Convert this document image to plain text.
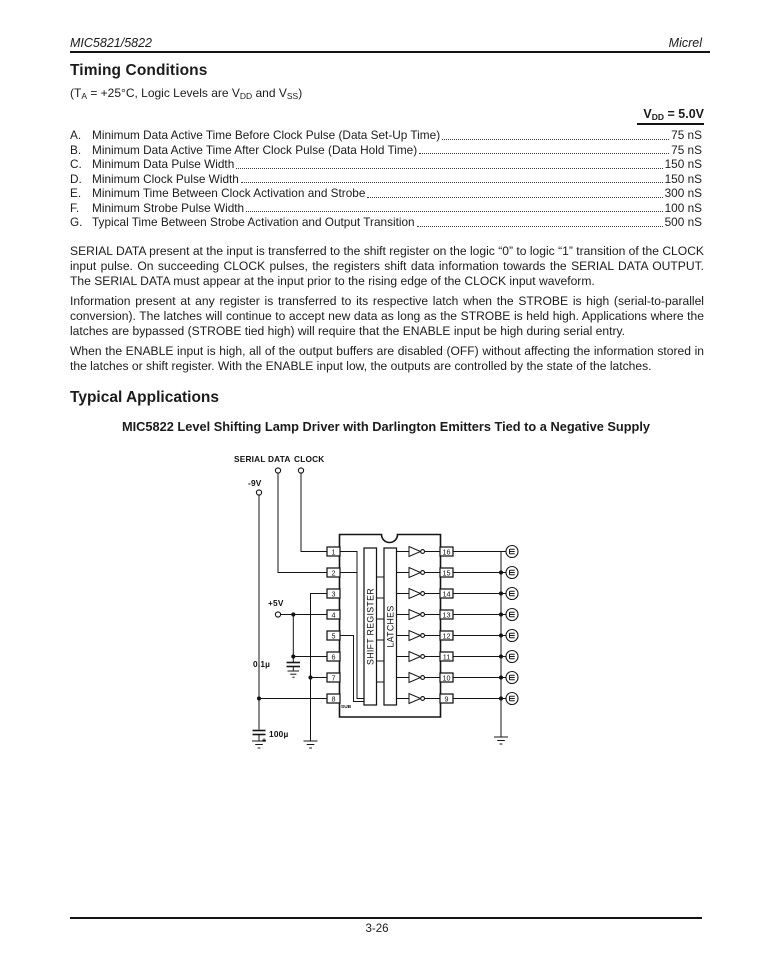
MIC5821/5822	Micrel
Timing Conditions
($T_A = +25^\circ C$, Logic Levels are $V_{DD}$ and $V_{SS}$)
$V_{DD} = 5.0V$
A. Minimum Data Active Time Before Clock Pulse (Data Set-Up Time)	75 nS
B. Minimum Data Active Time After Clock Pulse (Data Hold Time)	75 nS
C. Minimum Data Pulse Width	150 nS
D. Minimum Clock Pulse Width	150 nS
E. Minimum Time Between Clock Activation and Strobe	300 nS
F.	Minimum Strobe Pulse Width	100 nS
G. Typical Time Between Strobe Activation and Output Transition	500 nS
SERIAL DATA present at the input is transferred to the shift register on the logic “0” to logic “1” transition of the CLOCK input pulse. On succeeding CLOCK pulses, the registers shift data information towards the SERIAL DATA OUTPUT. The SERIAL DATA must appear at the input prior to the rising edge of the CLOCK input waveform.
Information present at any register is transferred to its respective latch when the STROBE is high (serial-to-parallel conversion). The latches will continue to accept new data as long as the STROBE is held high. Applications where the latches are bypassed (STROBE tied high) will require that the ENABLE input be high during serial entry.
When the ENABLE input is high, all of the output buffers are disabled (OFF) without affecting the information stored in the latches or shift register. With the ENABLE input low, the outputs are controlled by the state of the latches.
Typical Applications
MIC5822 Level Shifting Lamp Driver with Darlington Emitters Tied to a Negative Supply
SERIAL DATA CLOCK
-9V
+5V
0.1µ
+
100µ
SHIFT REGISTER LATCHES
1
2
3
4
5
6
7
8
SUB
16
15
14
13
12
11
10
9
3-26
